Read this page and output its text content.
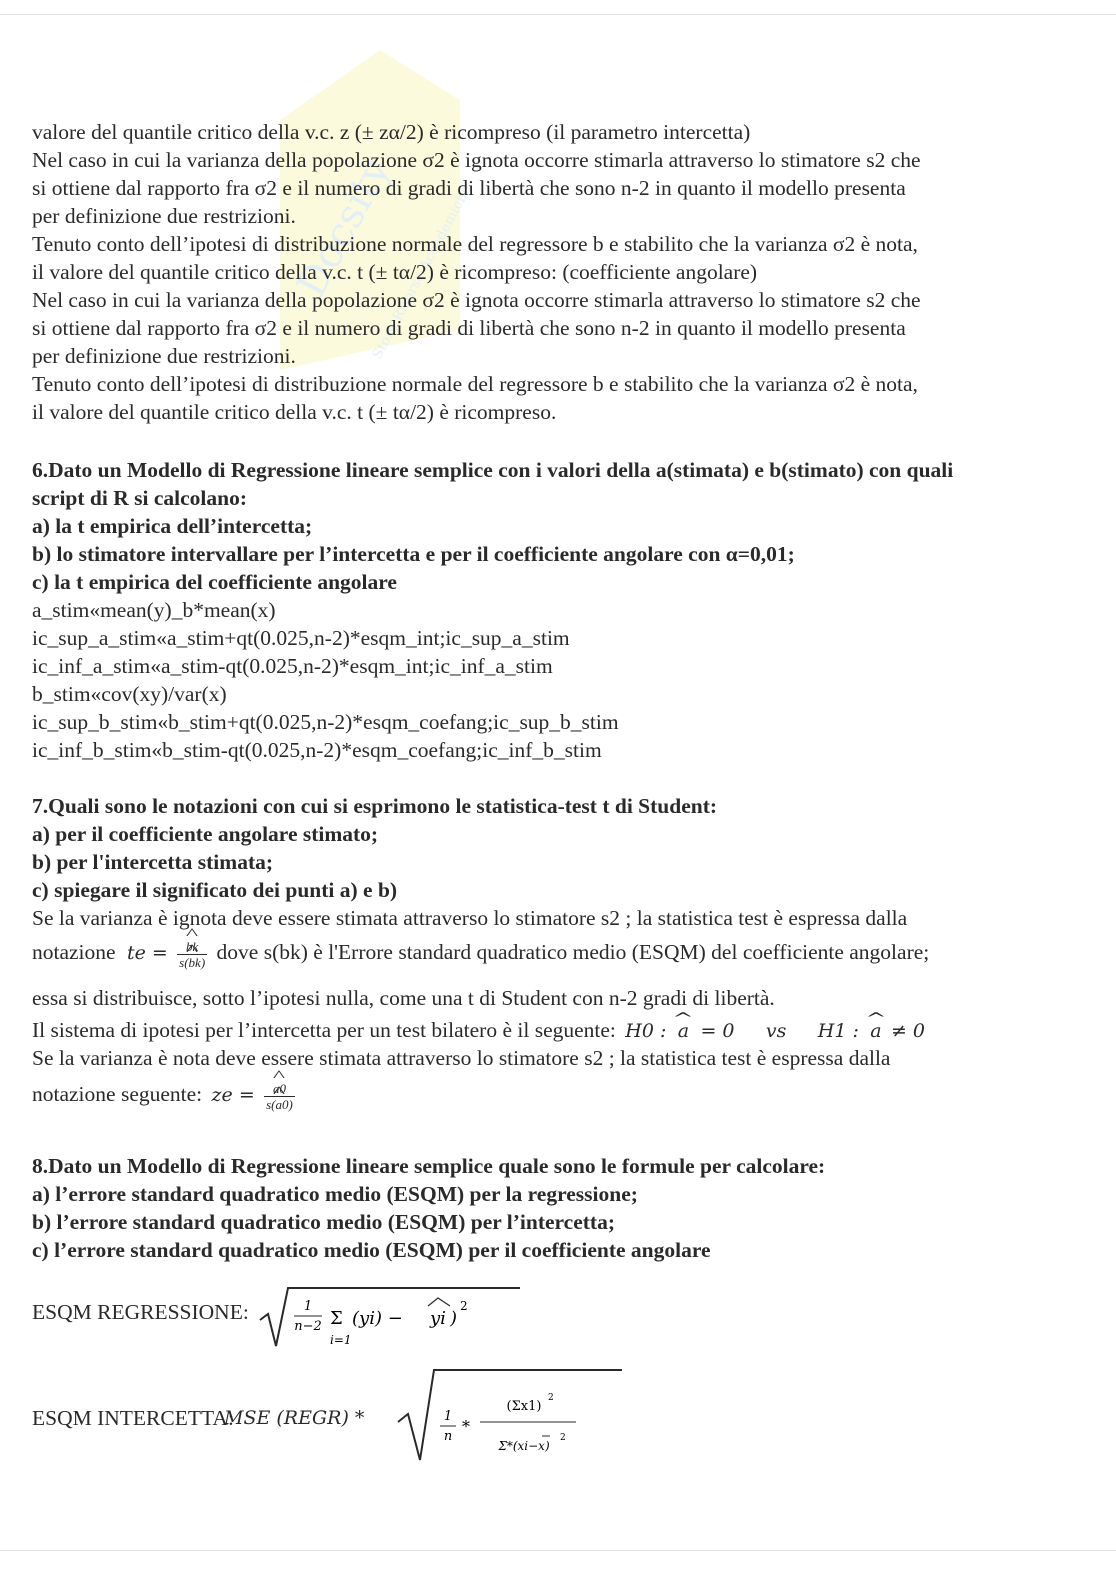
Docsity
Store Risorse Accademiche
valore del quantile critico della v.c. z (± zα/2) è ricompreso (il parametro intercetta)
Nel caso in cui la varianza della popolazione σ2 è ignota occorre stimarla attraverso lo stimatore s2 che
si ottiene dal rapporto fra σ2 e il numero di gradi di libertà che sono n-2 in quanto il modello presenta
per definizione due restrizioni.
Tenuto conto dell’ipotesi di distribuzione normale del regressore b e stabilito che la varianza σ2 è nota,
il valore del quantile critico della v.c. t (± tα/2) è ricompreso: (coefficiente angolare)
Nel caso in cui la varianza della popolazione σ2 è ignota occorre stimarla attraverso lo stimatore s2 che
si ottiene dal rapporto fra σ2 e il numero di gradi di libertà che sono n-2 in quanto il modello presenta
per definizione due restrizioni.
Tenuto conto dell’ipotesi di distribuzione normale del regressore b e stabilito che la varianza σ2 è nota,
il valore del quantile critico della v.c. t (± tα/2) è ricompreso.
6.Dato un Modello di Regressione lineare semplice con i valori della a(stimata) e b(stimato) con quali
script di R si calcolano:
a) la t empirica dell’intercetta;
b) lo stimatore intervallare per l’intercetta e per il coefficiente angolare con α=0,01;
c) la t empirica del coefficiente angolare
a_stim«mean(y)_b*mean(x)
ic_sup_a_stim«a_stim+qt(0.025,n-2)*esqm_int;ic_sup_a_stim
ic_inf_a_stim«a_stim-qt(0.025,n-2)*esqm_int;ic_inf_a_stim
b_stim«cov(xy)/var(x)
ic_sup_b_stim«b_stim+qt(0.025,n-2)*esqm_coefang;ic_sup_b_stim
ic_inf_b_stim«b_stim-qt(0.025,n-2)*esqm_coefang;ic_inf_b_stim
7.Quali sono le notazioni con cui si esprimono le statistica-test t di Student:
a) per il coefficiente angolare stimato;
b) per l'intercetta stimata;
c) spiegare il significato dei punti a) e b)
Se la varianza è ignota deve essere stimata attraverso lo stimatore s2 ; la statistica test è espressa dalla
notazione te = ^ bk
^ s(bk) dove s(bk) è l'Errore standard quadratico medio (ESQM) del coefficiente angolare;
essa si distribuisce, sotto l’ipotesi nulla, come una t di Student con n-2 gradi di libertà.
Il sistema di ipotesi per l’intercetta per un test bilatero è il seguente: H0 : ^ a = 0 vs H1 : ^ a ≠ 0
Se la varianza è nota deve essere stimata attraverso lo stimatore s2 ; la statistica test è espressa dalla
notazione seguente: ze = ^ a0
^ s(a0)
8.Dato un Modello di Regressione lineare semplice quale sono le formule per calcolare:
a) l’errore standard quadratico medio (ESQM) per la regressione;
b) l’errore standard quadratico medio (ESQM) per l’intercetta;
c) l’errore standard quadratico medio (ESQM) per il coefficiente angolare
ESQM REGRESSIONE:	1
n−2 Σ
i=1
(yi) − yi )
2
ESQM INTERCETTA:
MSE (REGR) *	1
n
*
(Σx1)
2
Σ*(xi−x)
2
